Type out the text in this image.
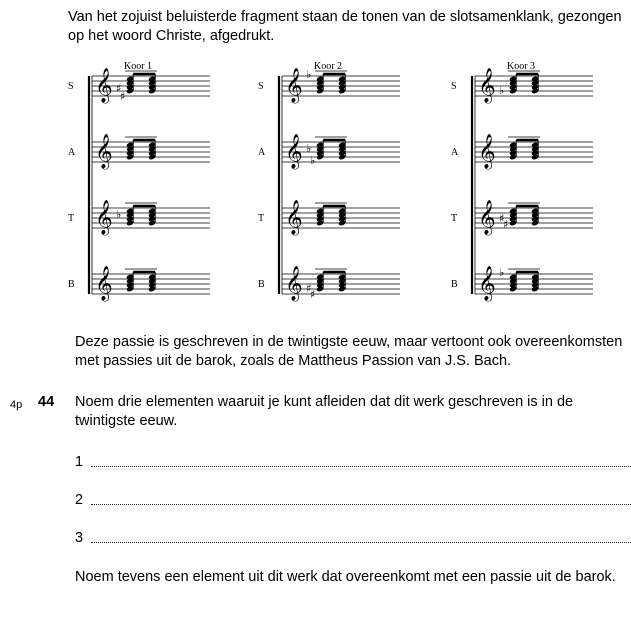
Van het zojuist beluisterde fragment staan de tonen van de slotsamenklank, gezongen op het woord Christe, afgedrukt.
Koor 1	Koor 2	Koor 3
S 𝄞 ♯
♯
A 𝄞
T 𝄞 ♭
B 𝄞
S 𝄞 ♭
A 𝄞 ♭
♭
T 𝄞
B 𝄞 ♯
♯
S 𝄞 ♭
A 𝄞
T 𝄞 ♯
♯
B 𝄞 ♭
Deze passie is geschreven in de twintigste eeuw, maar vertoont ook overeenkomsten met passies uit de barok, zoals de Mattheus Passion van J.S. Bach.
4p 44 Noem drie elementen waaruit je kunt afleiden dat dit werk geschreven is in de twintigste eeuw.
1
2
3
Noem tevens een element uit dit werk dat overeenkomt met een passie uit de barok.
